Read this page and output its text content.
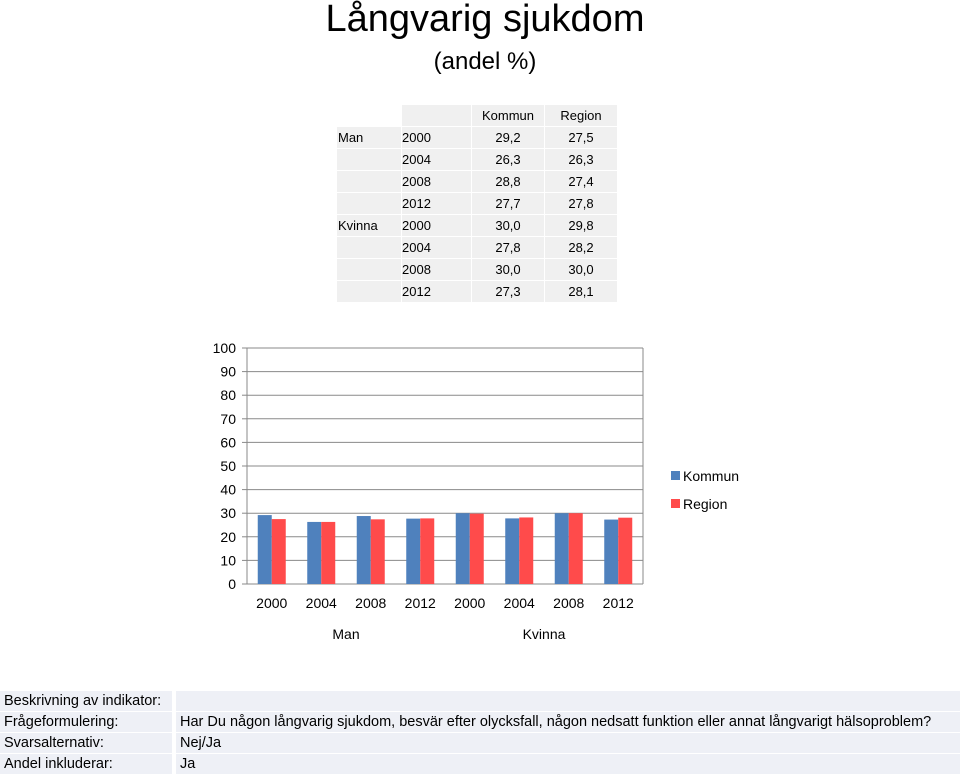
Långvarig sjukdom
(andel %)
		Kommun	Region
Man	2000	29,2	27,5
	2004	26,3	26,3
	2008	28,8	27,4
	2012	27,7	27,8
Kvinna	2000	30,0	29,8
	2004	27,8	28,2
	2008	30,0	30,0
	2012	27,3	28,1
0
10
20
30
40
50
60
70
80
90
100
2000 2004 2008 2012 2000 2004 2008 2012
Man	Kvinna
Kommun
Region
Beskrivning av indikator:		
Frågeformulering:		Har Du någon långvarig sjukdom, besvär efter olycksfall, någon nedsatt funktion eller annat långvarigt hälsoproblem?
Svarsalternativ:		Nej/Ja
Andel inkluderar:		Ja
